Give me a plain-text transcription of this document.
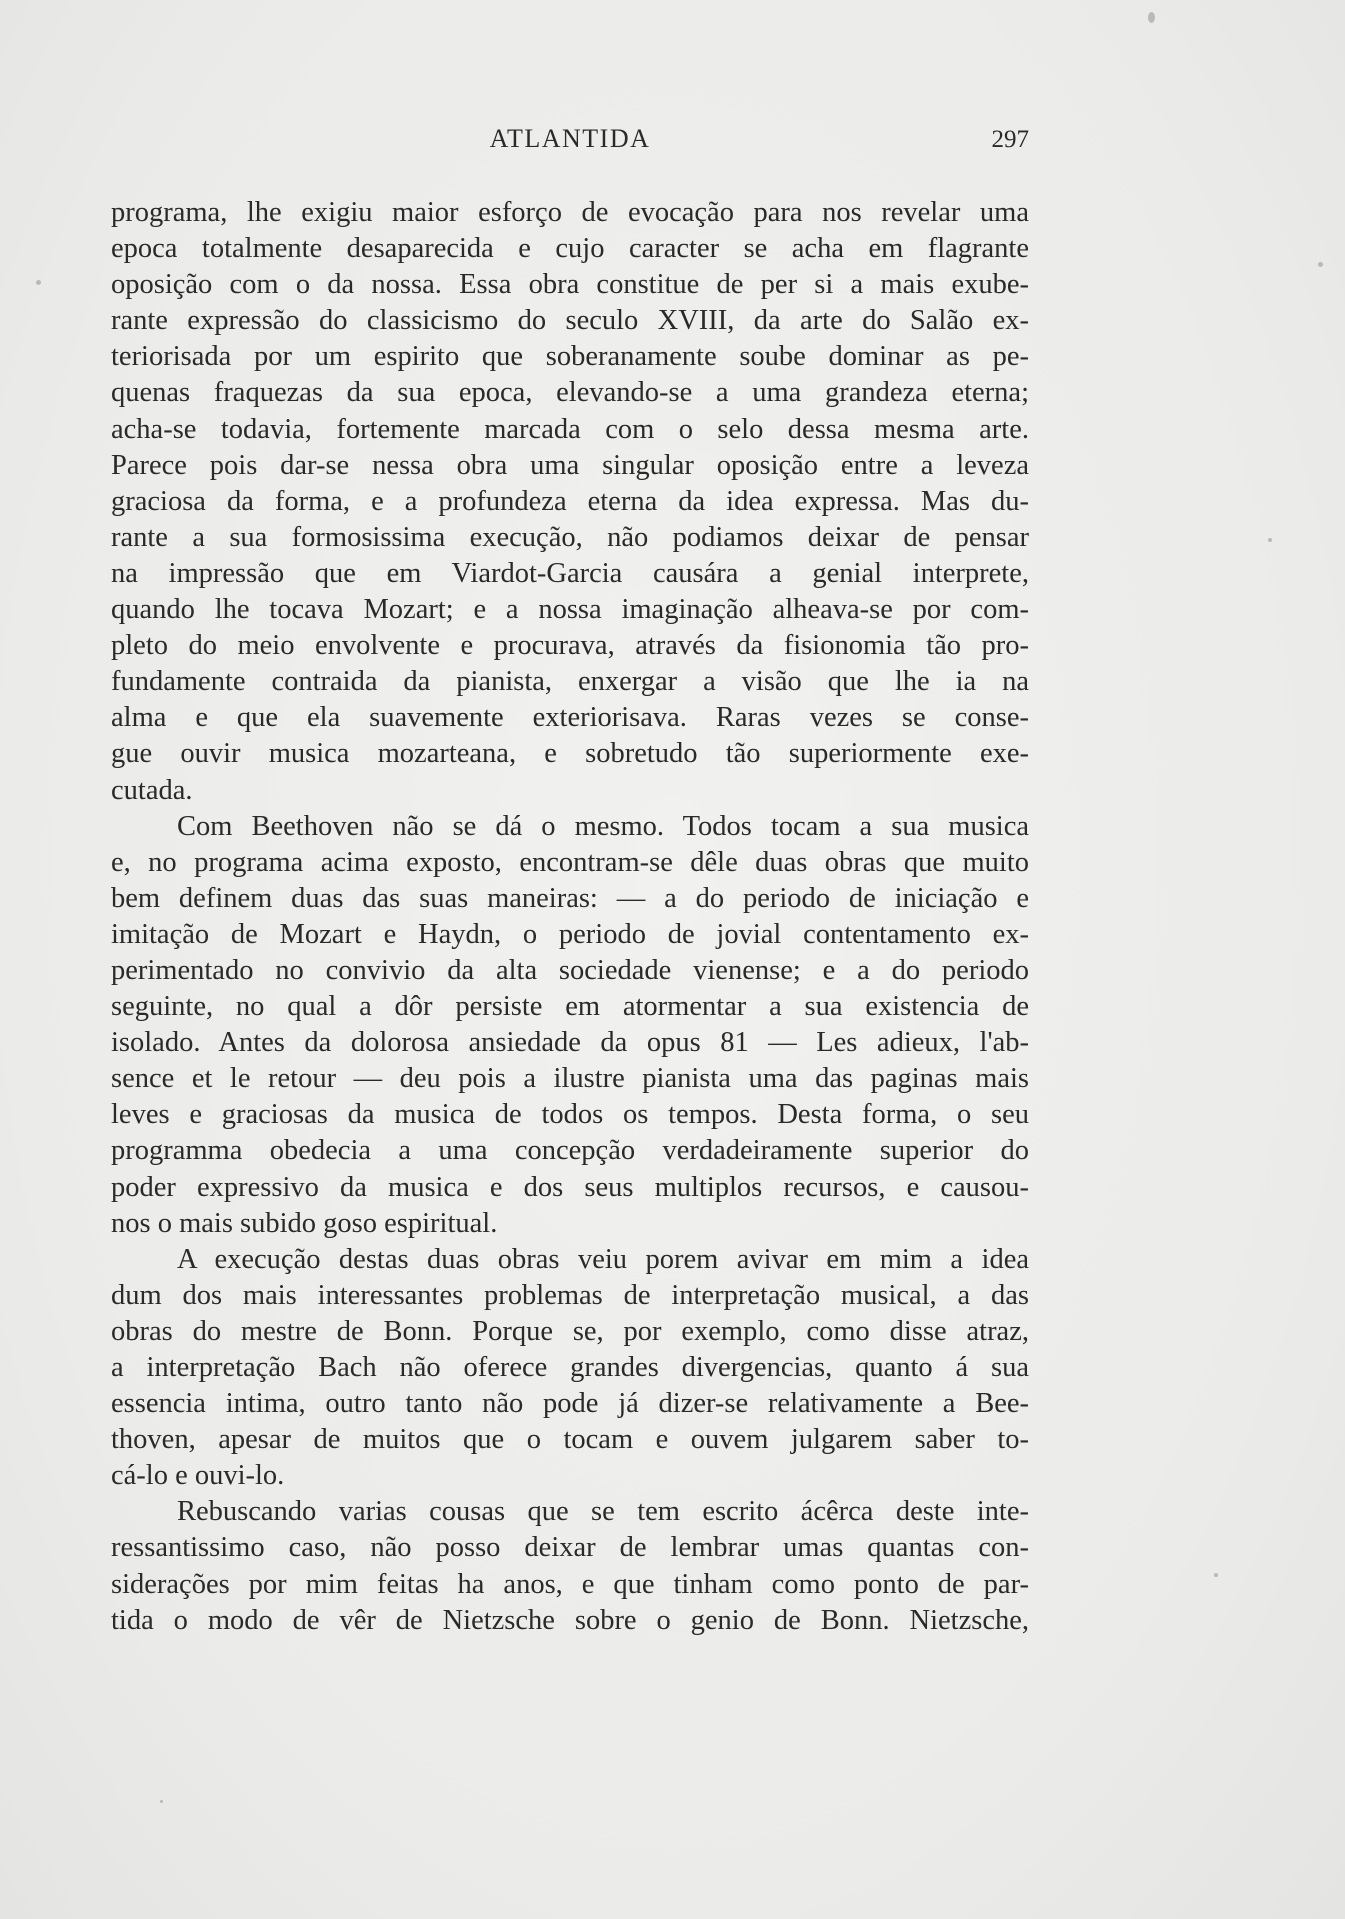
ATLANTIDA	297
programa, lhe exigiu maior esforço de evocação para nos revelar uma
epoca totalmente desaparecida e cujo caracter se acha em flagrante
oposição com o da nossa. Essa obra constitue de per si a mais exube-
rante expressão do classicismo do seculo XVIII, da arte do Salão ex-
teriorisada por um espirito que soberanamente soube dominar as pe-
quenas fraquezas da sua epoca, elevando-se a uma grandeza eterna;
acha-se todavia, fortemente marcada com o selo dessa mesma arte.
Parece pois dar-se nessa obra uma singular oposição entre a leveza
graciosa da forma, e a profundeza eterna da idea expressa. Mas du-
rante a sua formosissima execução, não podiamos deixar de pensar
na impressão que em Viardot-Garcia causára a genial interprete,
quando lhe tocava Mozart; e a nossa imaginação alheava-se por com-
pleto do meio envolvente e procurava, através da fisionomia tão pro-
fundamente contraida da pianista, enxergar a visão que lhe ia na
alma e que ela suavemente exteriorisava. Raras vezes se conse-
gue ouvir musica mozarteana, e sobretudo tão superiormente exe-
cutada.
Com Beethoven não se dá o mesmo. Todos tocam a sua musica
e, no programa acima exposto, encontram-se dêle duas obras que muito
bem definem duas das suas maneiras: — a do periodo de iniciação e
imitação de Mozart e Haydn, o periodo de jovial contentamento ex-
perimentado no convivio da alta sociedade vienense; e a do periodo
seguinte, no qual a dôr persiste em atormentar a sua existencia de
isolado. Antes da dolorosa ansiedade da opus 81 — Les adieux, l'ab-
sence et le retour — deu pois a ilustre pianista uma das paginas mais
leves e graciosas da musica de todos os tempos. Desta forma, o seu
programma obedecia a uma concepção verdadeiramente superior do
poder expressivo da musica e dos seus multiplos recursos, e causou-
nos o mais subido goso espiritual.
A execução destas duas obras veiu porem avivar em mim a idea
dum dos mais interessantes problemas de interpretação musical, a das
obras do mestre de Bonn. Porque se, por exemplo, como disse atraz,
a interpretação Bach não oferece grandes divergencias, quanto á sua
essencia intima, outro tanto não pode já dizer-se relativamente a Bee-
thoven, apesar de muitos que o tocam e ouvem julgarem saber to-
cá-lo e ouvi-lo.
Rebuscando varias cousas que se tem escrito ácêrca deste inte-
ressantissimo caso, não posso deixar de lembrar umas quantas con-
siderações por mim feitas ha anos, e que tinham como ponto de par-
tida o modo de vêr de Nietzsche sobre o genio de Bonn. Nietzsche,
